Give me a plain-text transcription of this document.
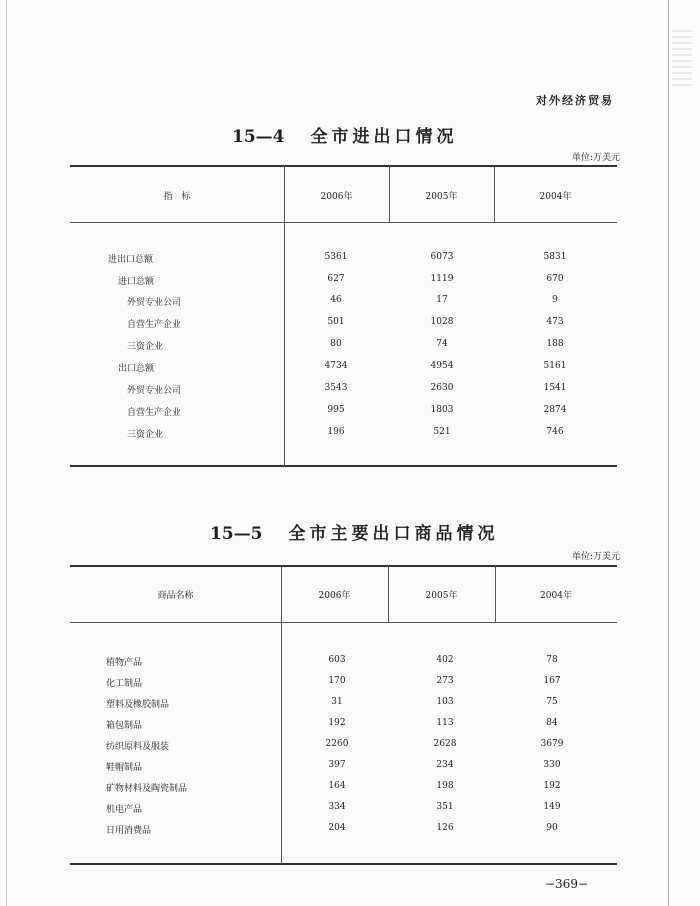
对外经济贸易
15—4 全市进出口情况
单位:万美元
指　标	2006年	2005年	2004年
进出口总额	5361	6073	5831
进口总额	627	1119	670
外贸专业公司	46	17	9
自营生产企业	501	1028	473
三资企业	80	74	188
出口总额	4734	4954	5161
外贸专业公司	3543	2630	1541
自营生产企业	995	1803	2874
三资企业	196	521	746
15—5 全市主要出口商品情况
单位:万美元
商品名称	2006年	2005年	2004年
植物产品	603	402	78
化工制品	170	273	167
塑料及橡胶制品	31	103	75
箱包制品	192	113	84
纺织原料及服装	2260	2628	3679
鞋帽制品	397	234	330
矿物材料及陶瓷制品	164	198	192
机电产品	334	351	149
日用消费品	204	126	90
−369−
